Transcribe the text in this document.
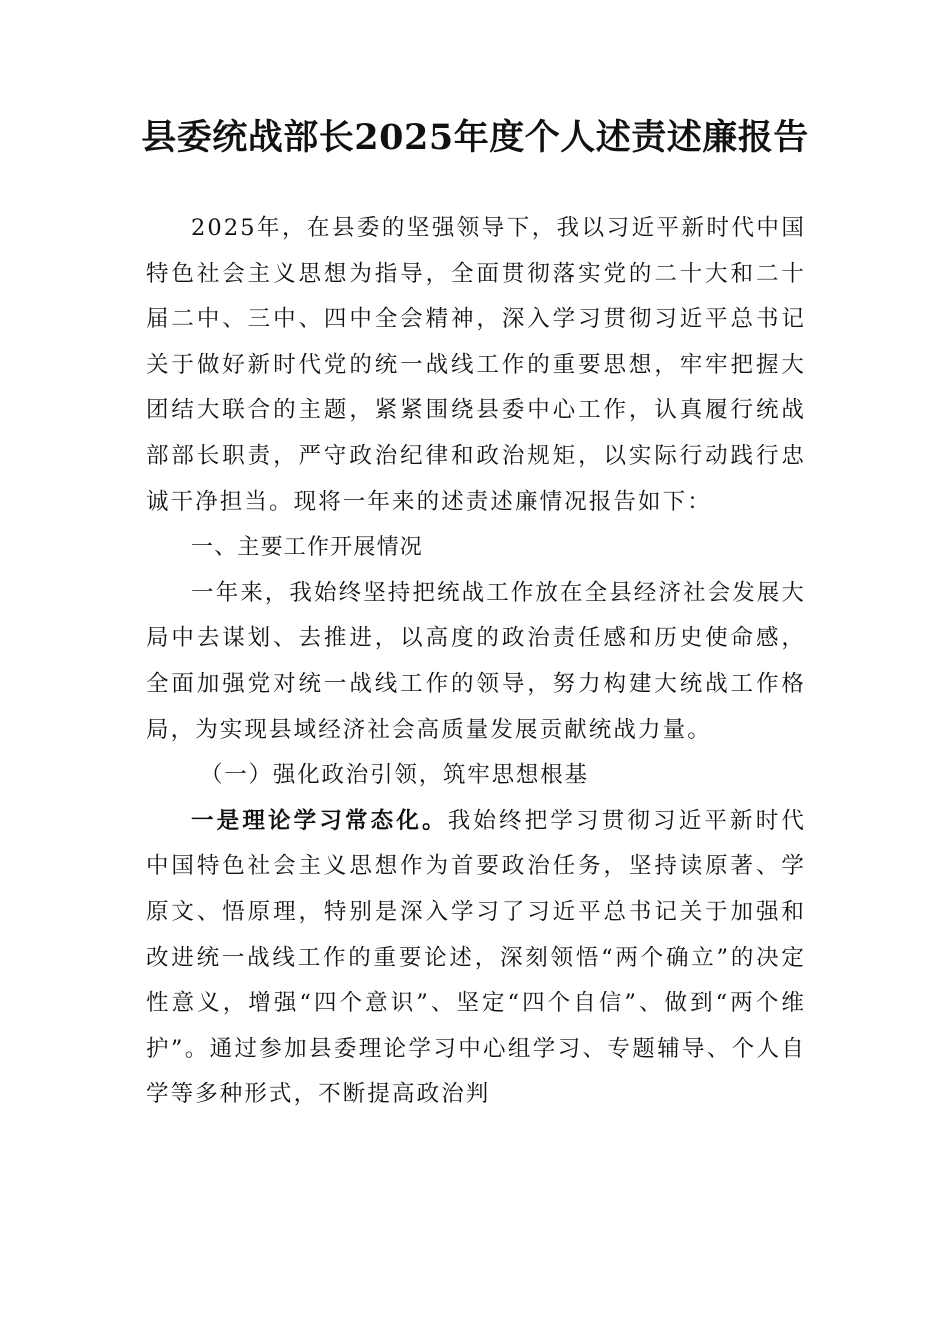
县委统战部长2025年度个人述责述廉报告

2025年，在县委的坚强领导下，我以习近平新时代中国特色社会主义思想为指导，全面贯彻落实党的二十大和二十届二中、三中、四中全会精神，深入学习贯彻习近平总书记关于做好新时代党的统一战线工作的重要思想，牢牢把握大团结大联合的主题，紧紧围绕县委中心工作，认真履行统战部部长职责，严守政治纪律和政治规矩，以实际行动践行忠诚干净担当。现将一年来的述责述廉情况报告如下：

一、主要工作开展情况

一年来，我始终坚持把统战工作放在全县经济社会发展大局中去谋划、去推进，以高度的政治责任感和历史使命感，全面加强党对统一战线工作的领导，努力构建大统战工作格局，为实现县域经济社会高质量发展贡献统战力量。

（一）强化政治引领，筑牢思想根基

一是理论学习常态化。我始终把学习贯彻习近平新时代中国特色社会主义思想作为首要政治任务，坚持读原著、学原文、悟原理，特别是深入学习了习近平总书记关于加强和改进统一战线工作的重要论述，深刻领悟“两个确立”的决定性意义，增强“四个意识”、坚定“四个自信”、做到“两个维护”。通过参加县委理论学习中心组学习、专题辅导、个人自学等多种形式，不断提高政治判
